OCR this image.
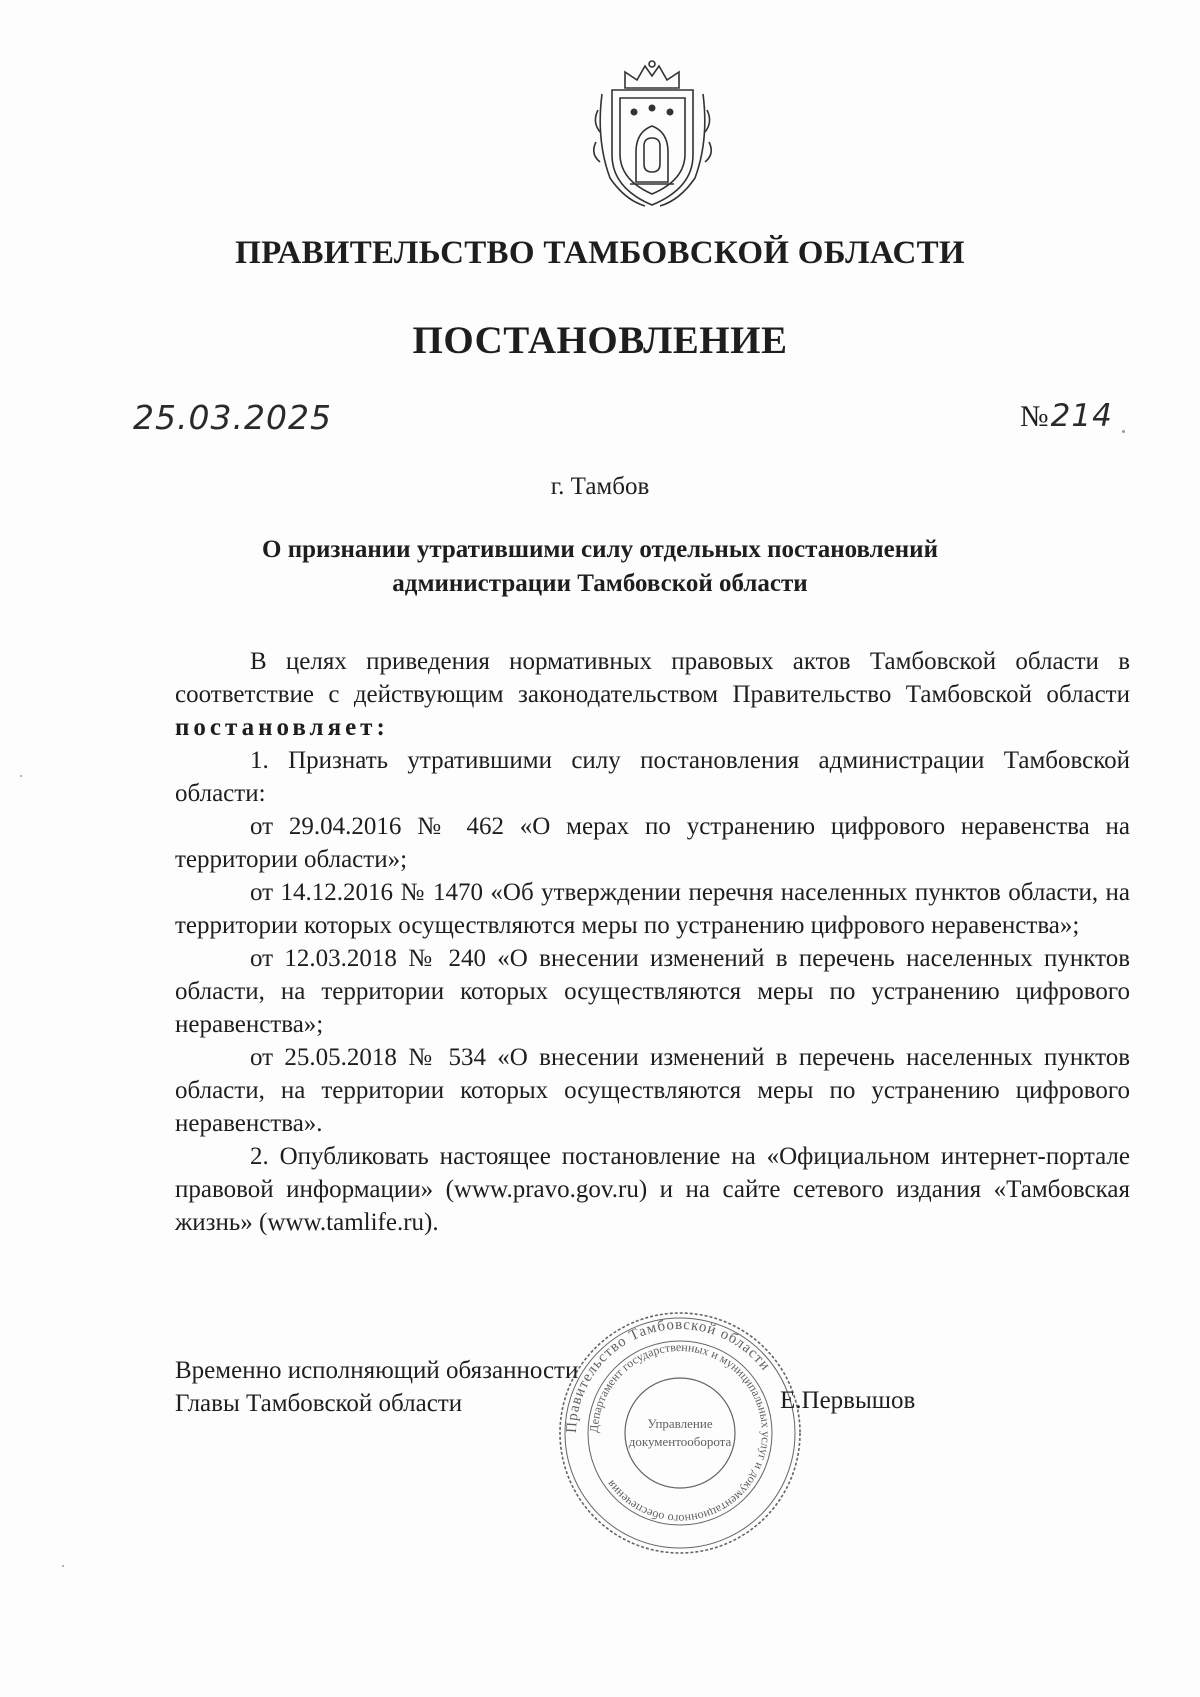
ПРАВИТЕЛЬСТВО ТАМБОВСКОЙ ОБЛАСТИ
ПОСТАНОВЛЕНИЕ
25.03.2025	№214
г. Тамбов
О признании утратившими силу отдельных постановлений
администрации Тамбовской области

В целях приведения нормативных правовых актов Тамбовской области в соответствие с действующим законодательством Правительство Тамбовской области постановляет:

1. Признать утратившими силу постановления администрации Тамбовской области:

от 29.04.2016 № 462 «О мерах по устранению цифрового неравенства на территории области»;

от 14.12.2016 № 1470 «Об утверждении перечня населенных пунктов области, на территории которых осуществляются меры по устранению цифрового неравенства»;

от 12.03.2018 № 240 «О внесении изменений в перечень населенных пунктов области, на территории которых осуществляются меры по устранению цифрового неравенства»;

от 25.05.2018 № 534 «О внесении изменений в перечень населенных пунктов области, на территории которых осуществляются меры по устранению цифрового неравенства».

2. Опубликовать настоящее постановление на «Официальном интернет-портале правовой информации» (www.pravo.gov.ru) и на сайте сетевого издания «Тамбовская жизнь» (www.tamlife.ru).

Временно исполняющий обязанности
Главы Тамбовской области	Е.Первышов
Правительство Тамбовской области
Департамент государственных и муниципальных услуг и документационного обеспечения
Управление
документооборота
